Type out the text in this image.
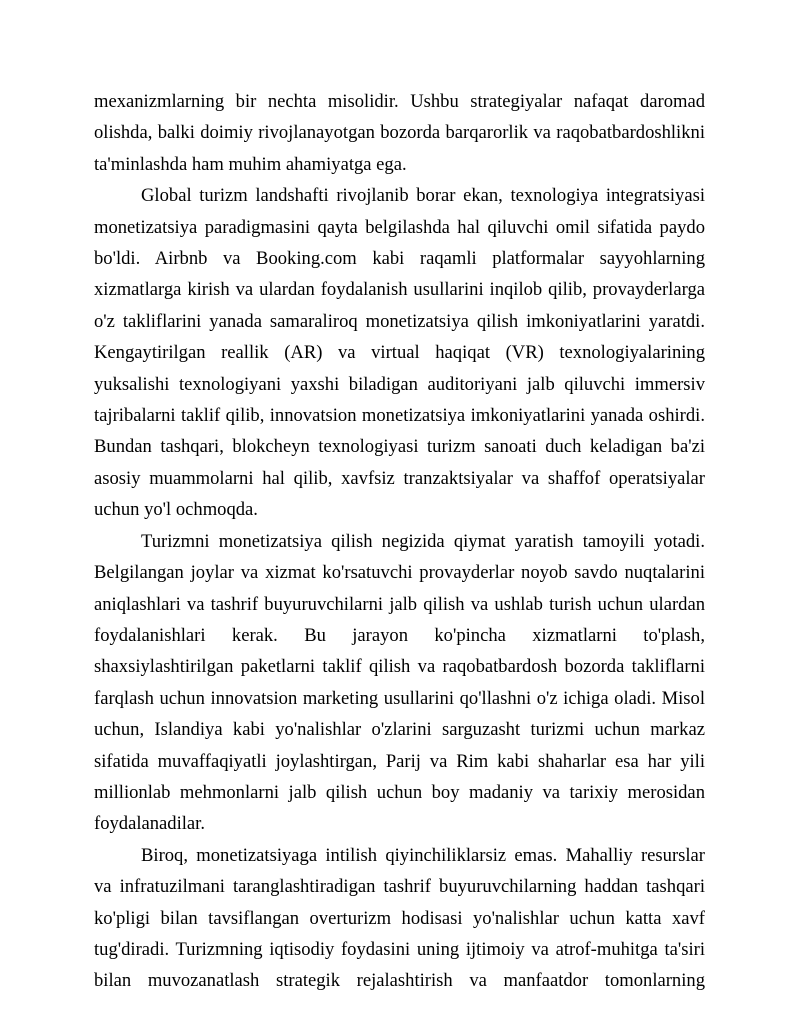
mexanizmlarning bir nechta misolidir. Ushbu strategiyalar nafaqat daromad olishda, balki doimiy rivojlanayotgan bozorda barqarorlik va raqobatbardoshlikni ta'minlashda ham muhim ahamiyatga ega.

Global turizm landshafti rivojlanib borar ekan, texnologiya integratsiyasi monetizatsiya paradigmasini qayta belgilashda hal qiluvchi omil sifatida paydo bo'ldi. Airbnb va Booking.com kabi raqamli platformalar sayyohlarning xizmatlarga kirish va ulardan foydalanish usullarini inqilob qilib, provayderlarga o'z takliflarini yanada samaraliroq monetizatsiya qilish imkoniyatlarini yaratdi. Kengaytirilgan reallik (AR) va virtual haqiqat (VR) texnologiyalarining yuksalishi texnologiyani yaxshi biladigan auditoriyani jalb qiluvchi immersiv tajribalarni taklif qilib, innovatsion monetizatsiya imkoniyatlarini yanada oshirdi. Bundan tashqari, blokcheyn texnologiyasi turizm sanoati duch keladigan ba'zi asosiy muammolarni hal qilib, xavfsiz tranzaktsiyalar va shaffof operatsiyalar uchun yo'l ochmoqda.

Turizmni monetizatsiya qilish negizida qiymat yaratish tamoyili yotadi. Belgilangan joylar va xizmat ko'rsatuvchi provayderlar noyob savdo nuqtalarini aniqlashlari va tashrif buyuruvchilarni jalb qilish va ushlab turish uchun ulardan foydalanishlari kerak. Bu jarayon ko'pincha xizmatlarni to'plash, shaxsiylashtirilgan paketlarni taklif qilish va raqobatbardosh bozorda takliflarni farqlash uchun innovatsion marketing usullarini qo'llashni o'z ichiga oladi. Misol uchun, Islandiya kabi yo'nalishlar o'zlarini sarguzasht turizmi uchun markaz sifatida muvaffaqiyatli joylashtirgan, Parij va Rim kabi shaharlar esa har yili millionlab mehmonlarni jalb qilish uchun boy madaniy va tarixiy merosidan foydalanadilar.

Biroq, monetizatsiyaga intilish qiyinchiliklarsiz emas. Mahalliy resurslar va infratuzilmani taranglashtiradigan tashrif buyuruvchilarning haddan tashqari ko'pligi bilan tavsiflangan overturizm hodisasi yo'nalishlar uchun katta xavf tug'diradi. Turizmning iqtisodiy foydasini uning ijtimoiy va atrof-muhitga ta'siri bilan muvozanatlash strategik rejalashtirish va manfaatdor tomonlarning
